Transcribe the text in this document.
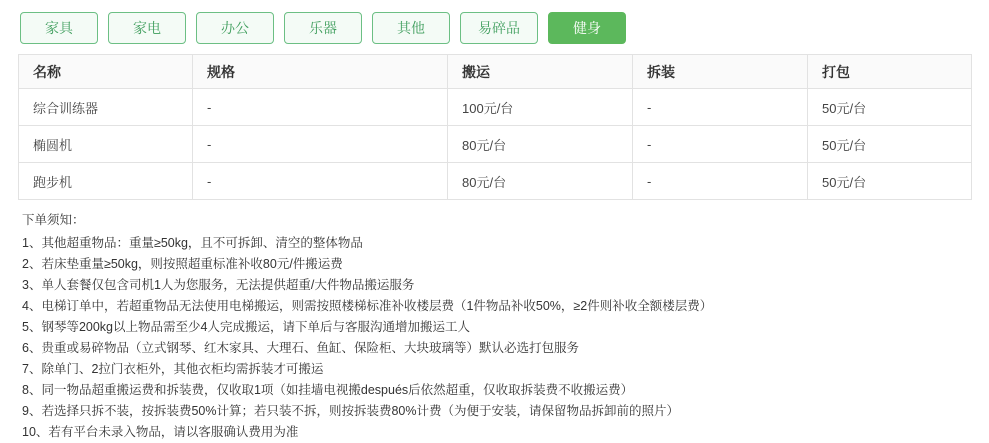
家具	家电	办公	乐器	其他	易碎品	健身
名称	规格	搬运	拆装	打包
综合训练器	-	100元/台	-	50元/台
椭圆机	-	80元/台	-	50元/台
跑步机	-	80元/台	-	50元/台
下单须知：
1、其他超重物品：重量≥50kg，且不可拆卸、清空的整体物品
2、若床垫重量≥50kg，则按照超重标准补收80元/件搬运费
3、单人套餐仅包含司机1人为您服务，无法提供超重/大件物品搬运服务
4、电梯订单中，若超重物品无法使用电梯搬运，则需按照楼梯标准补收楼层费（1件物品补收50%，≥2件则补收全额楼层费）
5、钢琴等200kg以上物品需至少4人完成搬运，请下单后与客服沟通增加搬运工人
6、贵重或易碎物品（立式钢琴、红木家具、大理石、鱼缸、保险柜、大块玻璃等）默认必选打包服务
7、除单门、2拉门衣柜外，其他衣柜均需拆装才可搬运
8、同一物品超重搬运费和拆装费，仅收取1项（如挂墙电视搬después后依然超重，仅收取拆装费不收搬运费）
9、若选择只拆不装，按拆装费50%计算；若只装不拆，则按拆装费80%计费（为便于安装，请保留物品拆卸前的照片）
10、若有平台未录入物品，请以客服确认费用为准
